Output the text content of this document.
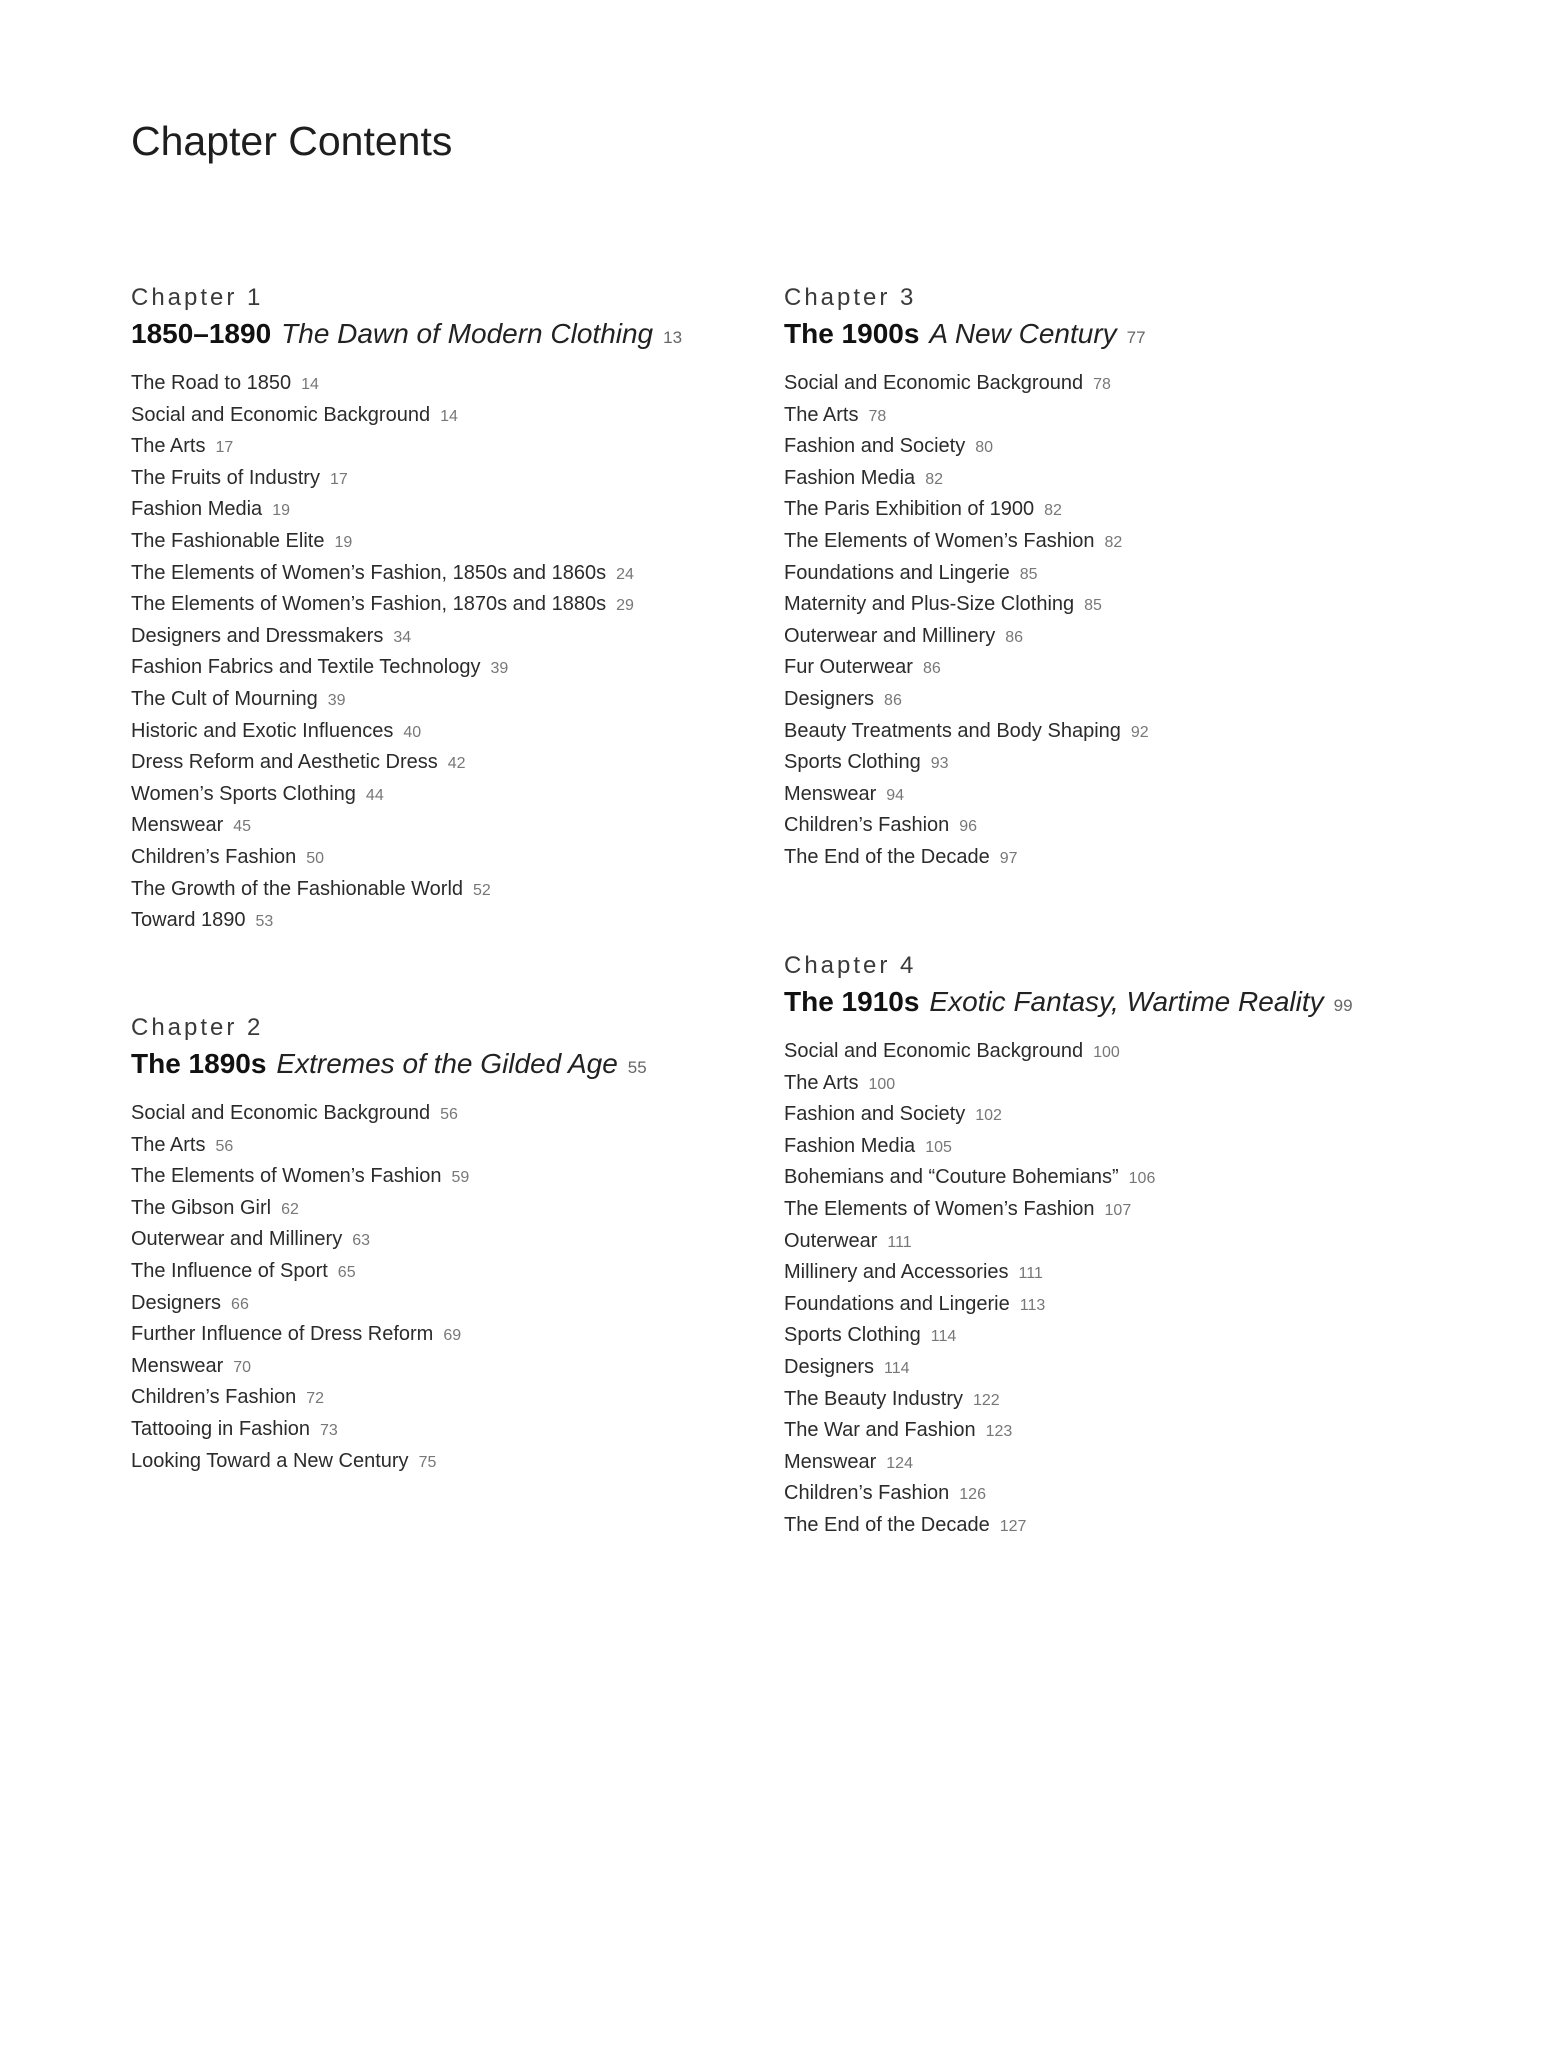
Chapter Contents
Chapter 1
1850–1890 The Dawn of Modern Clothing 13
The Road to 1850 14
Social and Economic Background 14
The Arts 17
The Fruits of Industry 17
Fashion Media 19
The Fashionable Elite 19
The Elements of Women’s Fashion, 1850s and 1860s 24
The Elements of Women’s Fashion, 1870s and 1880s 29
Designers and Dressmakers 34
Fashion Fabrics and Textile Technology 39
The Cult of Mourning 39
Historic and Exotic Influences 40
Dress Reform and Aesthetic Dress 42
Women’s Sports Clothing 44
Menswear 45
Children’s Fashion 50
The Growth of the Fashionable World 52
Toward 1890 53
Chapter 2
The 1890s Extremes of the Gilded Age 55
Social and Economic Background 56
The Arts 56
The Elements of Women’s Fashion 59
The Gibson Girl 62
Outerwear and Millinery 63
The Influence of Sport 65
Designers 66
Further Influence of Dress Reform 69
Menswear 70
Children’s Fashion 72
Tattooing in Fashion 73
Looking Toward a New Century 75
Chapter 3
The 1900s A New Century 77
Social and Economic Background 78
The Arts 78
Fashion and Society 80
Fashion Media 82
The Paris Exhibition of 1900 82
The Elements of Women’s Fashion 82
Foundations and Lingerie 85
Maternity and Plus-Size Clothing 85
Outerwear and Millinery 86
Fur Outerwear 86
Designers 86
Beauty Treatments and Body Shaping 92
Sports Clothing 93
Menswear 94
Children’s Fashion 96
The End of the Decade 97
Chapter 4
The 1910s Exotic Fantasy, Wartime Reality 99
Social and Economic Background 100
The Arts 100
Fashion and Society 102
Fashion Media 105
Bohemians and “Couture Bohemians” 106
The Elements of Women’s Fashion 107
Outerwear 111
Millinery and Accessories 111
Foundations and Lingerie 113
Sports Clothing 114
Designers 114
The Beauty Industry 122
The War and Fashion 123
Menswear 124
Children’s Fashion 126
The End of the Decade 127
